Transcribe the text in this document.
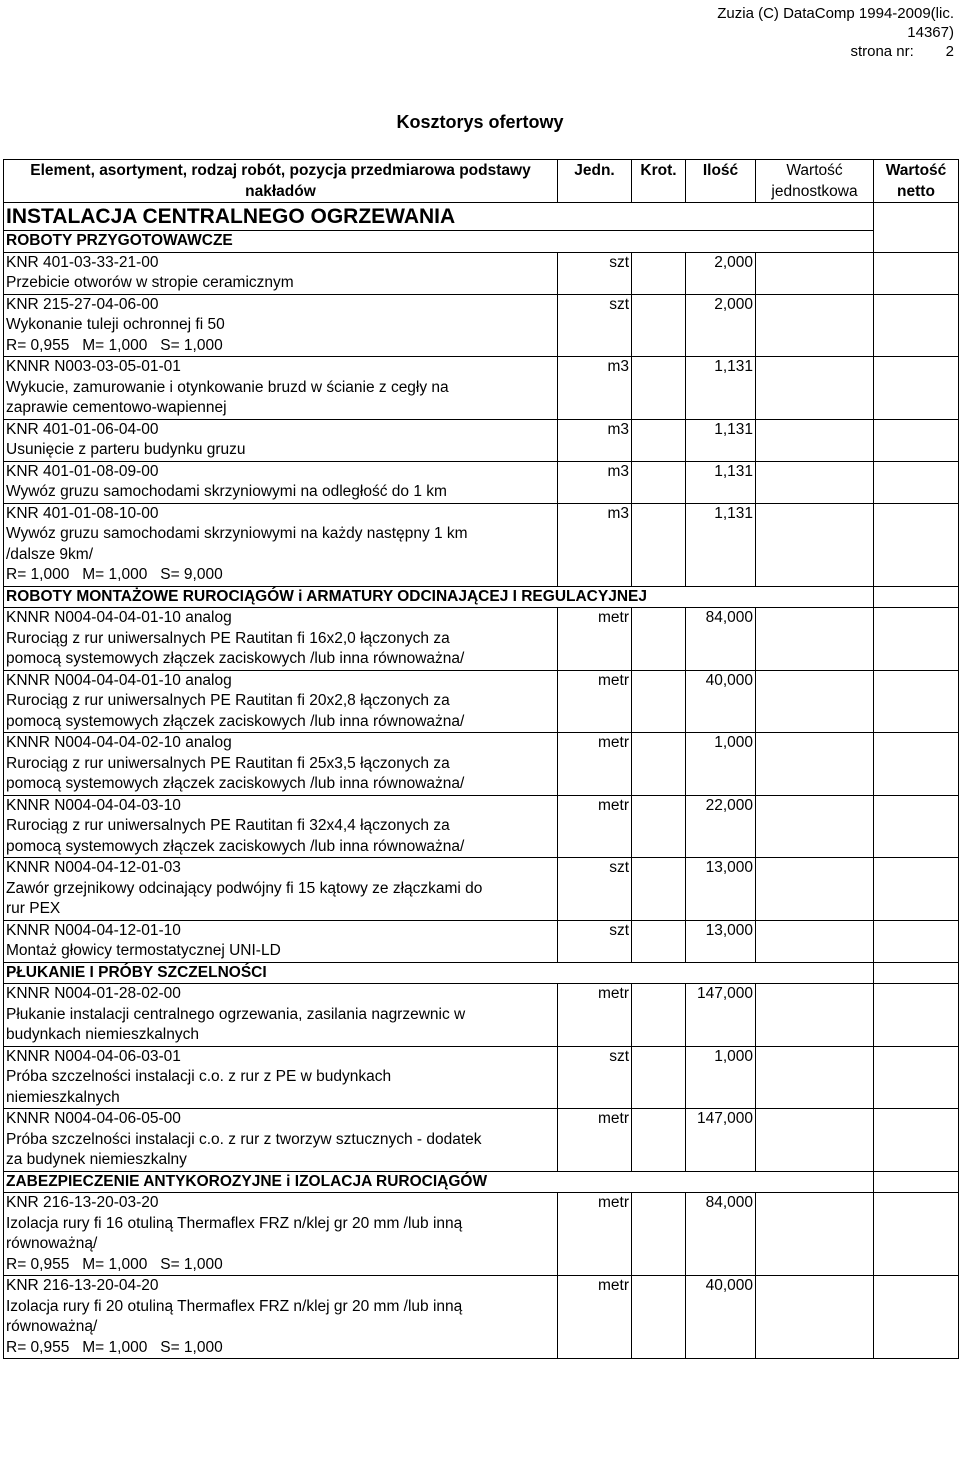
Zuzia (C) DataComp 1994-2009(lic.
14367)
strona nr: 2
Kosztorys ofertowy
Element, asortyment, rodzaj robót, pozycja przedmiarowa podstawy nakładów	Jedn.	Krot.	Ilość	Wartość jednostkowa	Wartość netto
INSTALACJA CENTRALNEGO OGRZEWANIA					
ROBOTY PRZYGOTOWAWCZE					

KNR 401-03-33-21-00
Przebicie otworów w stropie ceramicznym	szt		2,000		

KNR 215-27-04-06-00
Wykonanie tuleji ochronnej fi 50
R= 0,955   M= 1,000   S= 1,000	szt		2,000		

KNNR N003-03-05-01-01
Wykucie, zamurowanie i otynkowanie bruzd w ścianie z cegły na
zaprawie cementowo-wapiennej	m3		1,131		

KNR 401-01-06-04-00
Usunięcie z parteru budynku gruzu	m3		1,131		

KNR 401-01-08-09-00
Wywóz gruzu samochodami skrzyniowymi na odległość do 1 km	m3		1,131		

KNR 401-01-08-10-00
Wywóz gruzu samochodami skrzyniowymi na każdy następny 1 km
/dalsze 9km/
R= 1,000   M= 1,000   S= 9,000	m3		1,131		
ROBOTY MONTAŻOWE RUROCIĄGÓW i ARMATURY ODCINAJĄCEJ I REGULACYJNEJ					

KNNR N004-04-04-01-10 analog
Rurociąg z rur uniwersalnych PE Rautitan fi 16x2,0 łączonych za
pomocą systemowych złączek zaciskowych /lub inna równoważna/	metr		84,000		

KNNR N004-04-04-01-10 analog
Rurociąg z rur uniwersalnych PE Rautitan fi 20x2,8 łączonych za
pomocą systemowych złączek zaciskowych /lub inna równoważna/	metr		40,000		

KNNR N004-04-04-02-10 analog
Rurociąg z rur uniwersalnych PE Rautitan fi 25x3,5 łączonych za
pomocą systemowych złączek zaciskowych /lub inna równoważna/	metr		1,000		

KNNR N004-04-04-03-10
Rurociąg z rur uniwersalnych PE Rautitan fi 32x4,4 łączonych za
pomocą systemowych złączek zaciskowych /lub inna równoważna/	metr		22,000		

KNNR N004-04-12-01-03
Zawór grzejnikowy odcinający podwójny fi 15 kątowy ze złączkami do
rur PEX	szt		13,000		

KNNR N004-04-12-01-10
Montaż głowicy termostatycznej UNI-LD	szt		13,000		
PŁUKANIE I PRÓBY SZCZELNOŚCI					

KNNR N004-01-28-02-00
Płukanie instalacji centralnego ogrzewania, zasilania nagrzewnic w
budynkach niemieszkalnych	metr		147,000		

KNNR N004-04-06-03-01
Próba szczelności instalacji c.o. z rur z PE w budynkach
niemieszkalnych	szt		1,000		

KNNR N004-04-06-05-00
Próba szczelności instalacji c.o. z rur z tworzyw sztucznych - dodatek
za budynek niemieszkalny	metr		147,000		
ZABEZPIECZENIE ANTYKOROZYJNE i IZOLACJA RUROCIĄGÓW					

KNR 216-13-20-03-20
Izolacja rury fi 16 otuliną Thermaflex FRZ n/klej gr 20 mm /lub inną
równoważną/
R= 0,955   M= 1,000   S= 1,000	metr		84,000		

KNR 216-13-20-04-20
Izolacja rury fi 20 otuliną Thermaflex FRZ n/klej gr 20 mm /lub inną
równoważną/
R= 0,955   M= 1,000   S= 1,000	metr		40,000		
